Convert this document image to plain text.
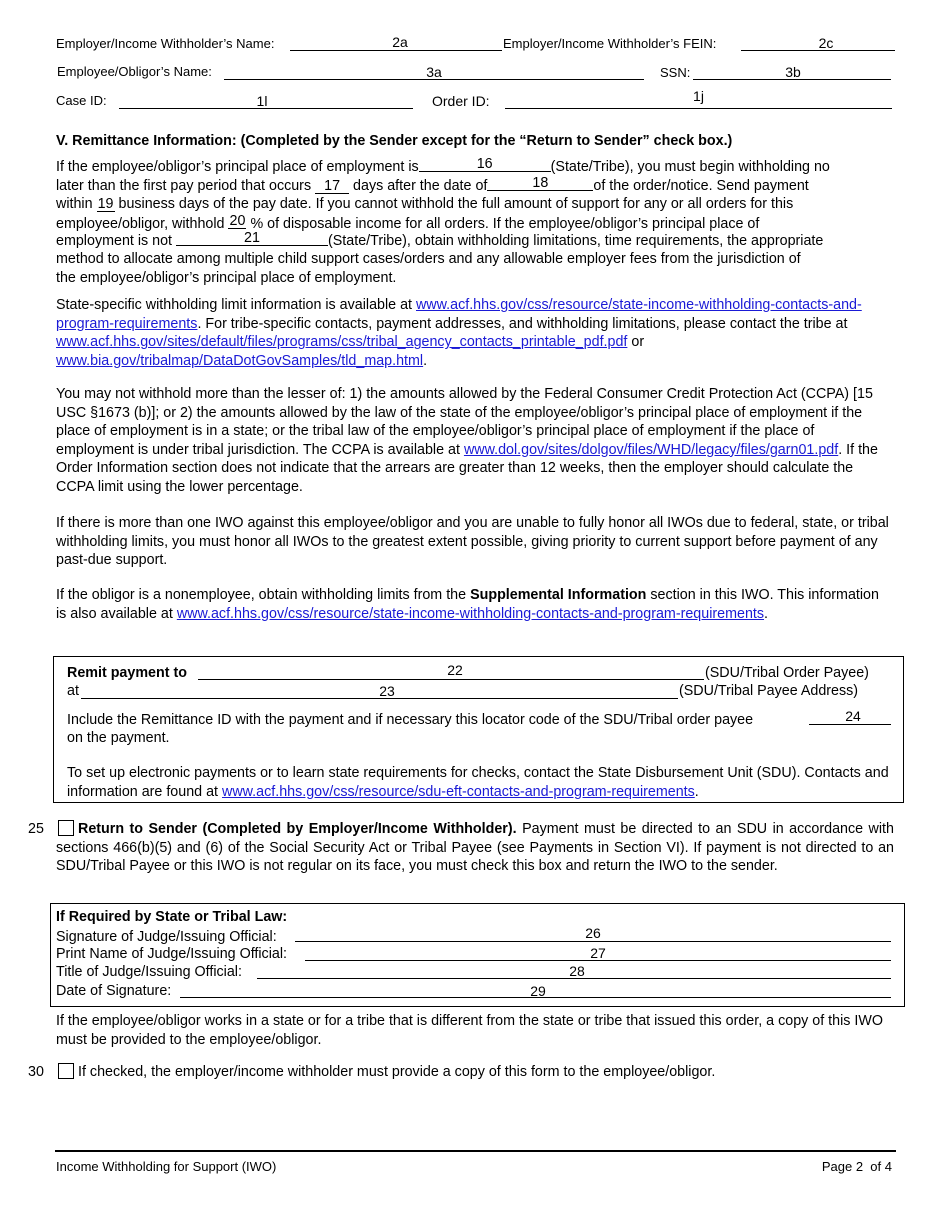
Employer/Income Withholder’s Name:	2a	Employer/Income Withholder’s FEIN:	2c
Employee/Obligor’s Name:	3a	SSN:	3b
Case ID:	1l	Order ID:	1j
V. Remittance Information: (Completed by the Sender except for the “Return to Sender” check box.)
If the employee/obligor’s principal place of employment is	16	(State/Tribe), you must begin withholding no
later than the first pay period that occurs 17 days after the date of	18	of the order/notice. Send payment
within 19 business days of the pay date. If you cannot withhold the full amount of support for any or all orders for this
employee/obligor, withhold 20 % of disposable income for all orders. If the employee/obligor’s principal place of
employment is not	21	(State/Tribe), obtain withholding limitations, time requirements, the appropriate
method to allocate among multiple child support cases/orders and any allowable employer fees from the jurisdiction of
the employee/obligor’s principal place of employment.
State-specific withholding limit information is available at www.acf.hhs.gov/css/resource/state-income-withholding-contacts-and-program-requirements. For tribe-specific contacts, payment addresses, and withholding limitations, please contact the tribe at www.acf.hhs.gov/sites/default/files/programs/css/tribal_agency_contacts_printable_pdf.pdf or
www.bia.gov/tribalmap/DataDotGovSamples/tld_map.html.
You may not withhold more than the lesser of: 1) the amounts allowed by the Federal Consumer Credit Protection Act (CCPA) [15 USC §1673 (b)]; or 2) the amounts allowed by the law of the state of the employee/obligor’s principal place of employment if the place of employment is in a state; or the tribal law of the employee/obligor’s principal place of employment if the place of employment is under tribal jurisdiction. The CCPA is available at www.dol.gov/sites/dolgov/files/WHD/legacy/files/garn01.pdf. If the Order Information section does not indicate that the arrears are greater than 12 weeks, then the employer should calculate the CCPA limit using the lower percentage.
If there is more than one IWO against this employee/obligor and you are unable to fully honor all IWOs due to federal, state, or tribal withholding limits, you must honor all IWOs to the greatest extent possible, giving priority to current support before payment of any past-due support.
If the obligor is a nonemployee, obtain withholding limits from the Supplemental Information section in this IWO. This information is also available at www.acf.hhs.gov/css/resource/state-income-withholding-contacts-and-program-requirements.
Remit payment to	22	(SDU/Tribal Order Payee)
at	23	(SDU/Tribal Payee Address)
Include the Remittance ID with the payment and if necessary this locator code of the SDU/Tribal order payee	24
on the payment.
To set up electronic payments or to learn state requirements for checks, contact the State Disbursement Unit (SDU). Contacts and information are found at www.acf.hhs.gov/css/resource/sdu-eft-contacts-and-program-requirements.
25	Return to Sender (Completed by Employer/Income Withholder). Payment must be directed to an SDU in accordance with sections 466(b)(5) and (6) of the Social Security Act or Tribal Payee (see Payments in Section VI). If payment is not directed to an SDU/Tribal Payee or this IWO is not regular on its face, you must check this box and return the IWO to the sender.
If Required by State or Tribal Law:
Signature of Judge/Issuing Official:	26
Print Name of Judge/Issuing Official:	27
Title of Judge/Issuing Official:	28
Date of Signature:	29
If the employee/obligor works in a state or for a tribe that is different from the state or tribe that issued this order, a copy of this IWO must be provided to the employee/obligor.
30 If checked, the employer/income withholder must provide a copy of this form to the employee/obligor.
Income Withholding for Support (IWO)	Page 2  of 4
